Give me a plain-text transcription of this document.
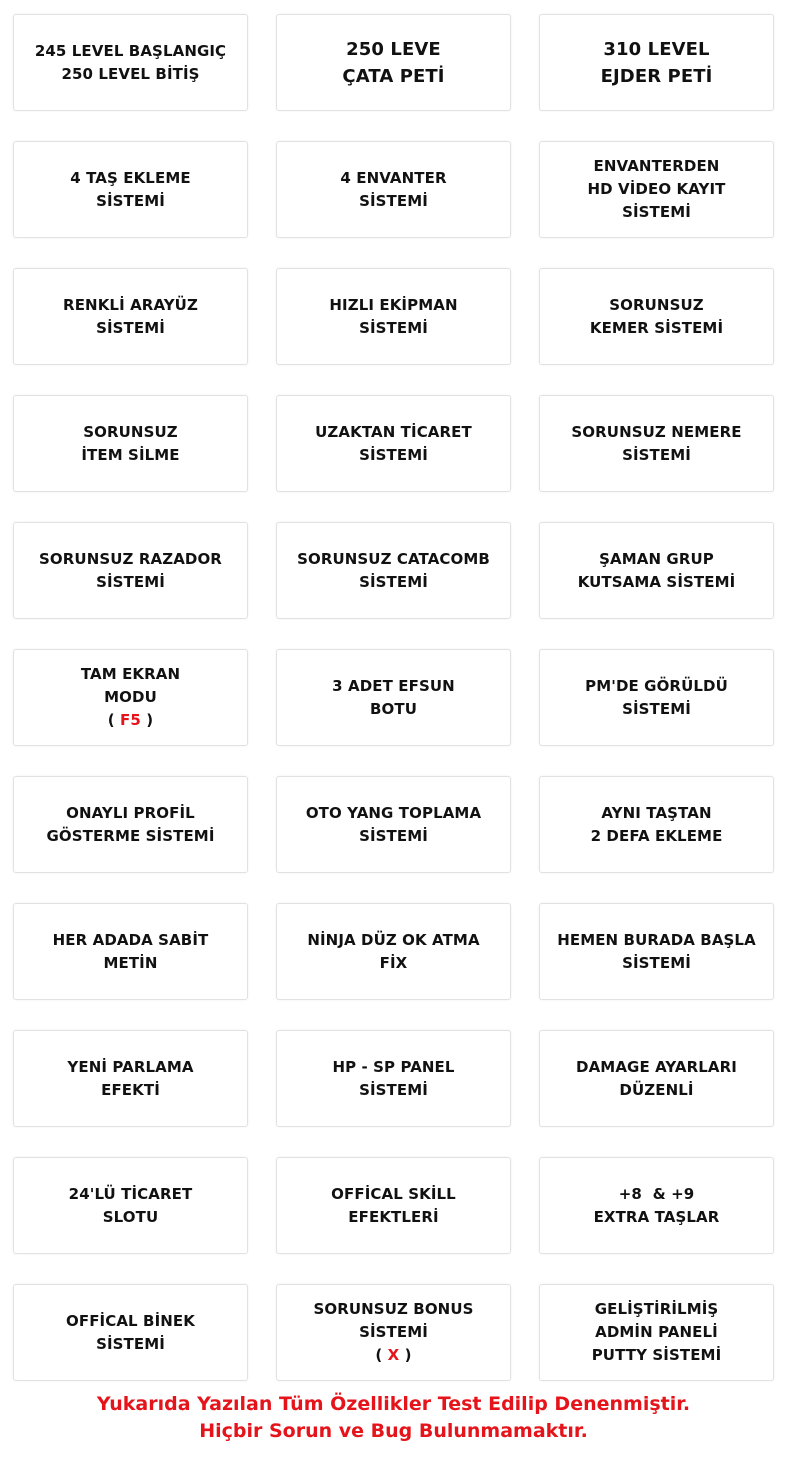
245 LEVEL BAŞLANGIÇ
250 LEVEL BİTİŞ
250 LEVE
ÇATA PETİ
310 LEVEL
EJDER PETİ
4 TAŞ EKLEME
SİSTEMİ
4 ENVANTER
SİSTEMİ
ENVANTERDEN
HD VİDEO KAYIT
SİSTEMİ
RENKLİ ARAYÜZ
SİSTEMİ
HIZLI EKİPMAN
SİSTEMİ
SORUNSUZ
KEMER SİSTEMİ
SORUNSUZ
İTEM SİLME
UZAKTAN TİCARET
SİSTEMİ
SORUNSUZ NEMERE
SİSTEMİ
SORUNSUZ RAZADOR
SİSTEMİ
SORUNSUZ CATACOMB
SİSTEMİ
ŞAMAN GRUP
KUTSAMA SİSTEMİ
TAM EKRAN
MODU
( F5 )
3 ADET EFSUN
BOTU
PM'DE GÖRÜLDÜ
SİSTEMİ
ONAYLI PROFİL
GÖSTERME SİSTEMİ
OTO YANG TOPLAMA
SİSTEMİ
AYNI TAŞTAN
2 DEFA EKLEME
HER ADADA SABİT
METİN
NİNJA DÜZ OK ATMA
FİX
HEMEN BURADA BAŞLA
SİSTEMİ
YENİ PARLAMA
EFEKTİ
HP - SP PANEL
SİSTEMİ
DAMAGE AYARLARI
DÜZENLİ
24'LÜ TİCARET
SLOTU
OFFİCAL SKİLL
EFEKTLERİ
+8  & +9
EXTRA TAŞLAR
OFFİCAL BİNEK
SİSTEMİ
SORUNSUZ BONUS
SİSTEMİ
( X )
GELİŞTİRİLMİŞ
ADMİN PANELİ
PUTTY SİSTEMİ
Yukarıda Yazılan Tüm Özellikler Test Edilip Denenmiştir.
Hiçbir Sorun ve Bug Bulunmamaktır.
